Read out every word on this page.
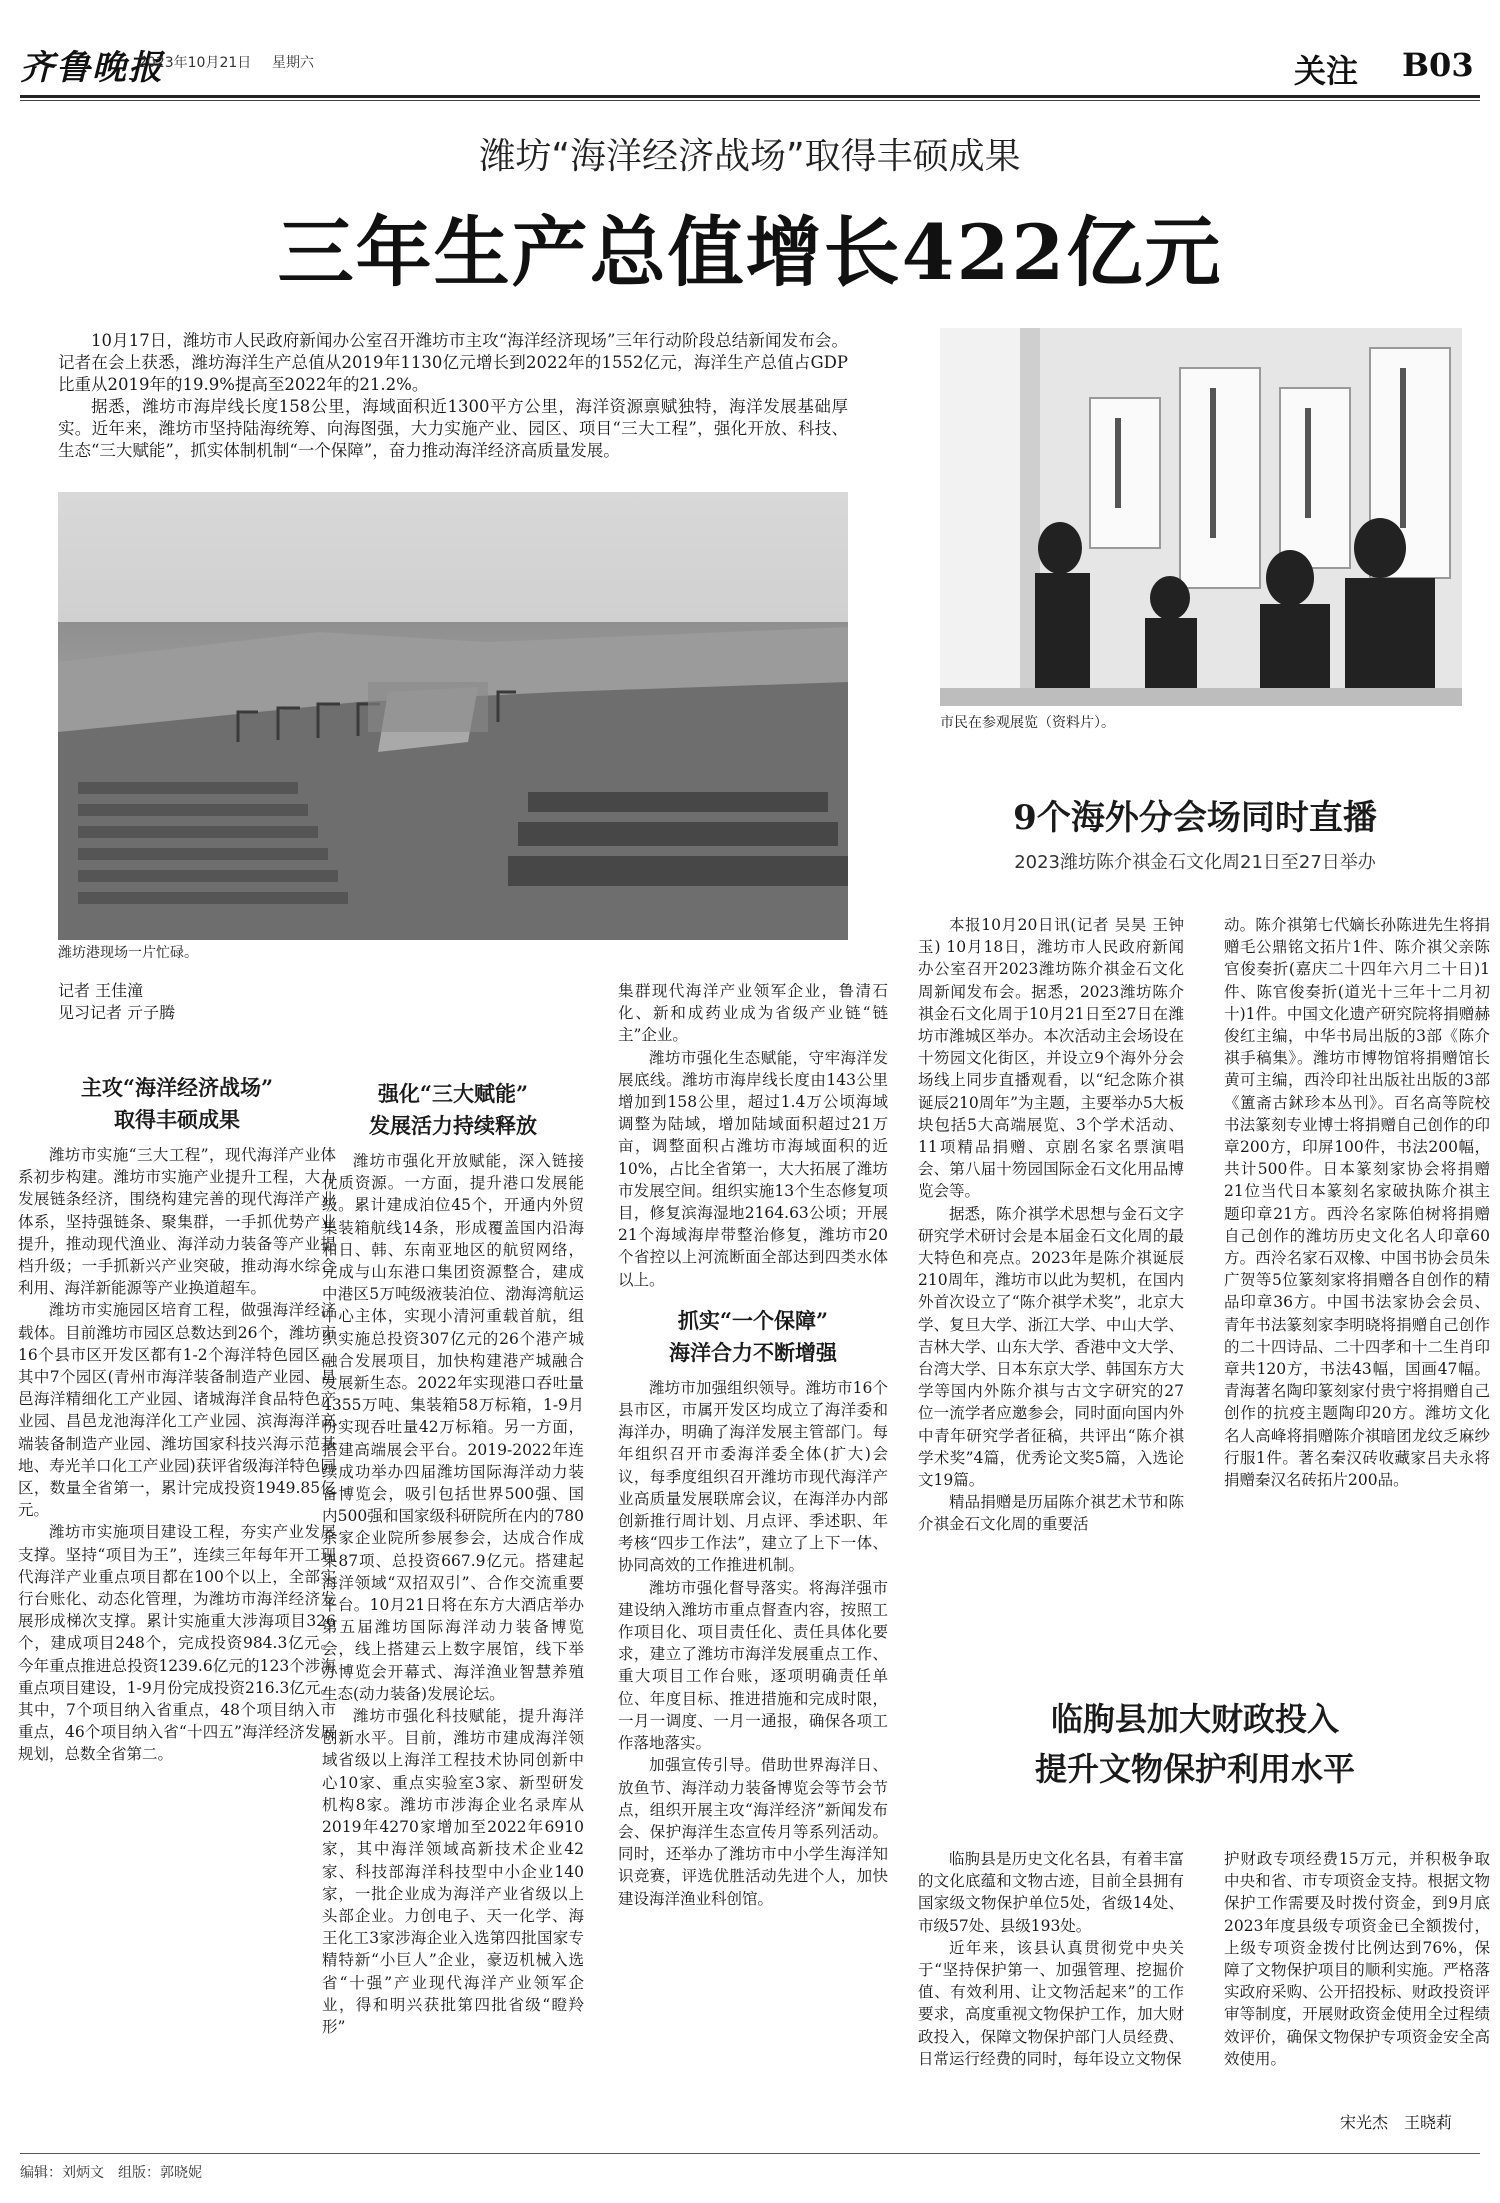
齐鲁晚报
2023年10月21日 星期六	关注 B03
潍坊“海洋经济战场”取得丰硕成果
三年生产总值增长422亿元

10月17日，潍坊市人民政府新闻办公室召开潍坊市主攻“海洋经济现场”三年行动阶段总结新闻发布会。记者在会上获悉，潍坊海洋生产总值从2019年1130亿元增长到2022年的1552亿元，海洋生产总值占GDP比重从2019年的19.9%提高至2022年的21.2%。

据悉，潍坊市海岸线长度158公里，海域面积近1300平方公里，海洋资源禀赋独特，海洋发展基础厚实。近年来，潍坊市坚持陆海统筹、向海图强，大力实施产业、园区、项目“三大工程”，强化开放、科技、生态“三大赋能”，抓实体制机制“一个保障”，奋力推动海洋经济高质量发展。

潍坊港现场一片忙碌。
市民在参观展览（资料片）。
记者 王佳潼
见习记者 亓子腾
主攻“海洋经济战场”
取得丰硕成果

潍坊市实施“三大工程”，现代海洋产业体系初步构建。潍坊市实施产业提升工程，大力发展链条经济，围绕构建完善的现代海洋产业体系，坚持强链条、聚集群，一手抓优势产业提升，推动现代渔业、海洋动力装备等产业提档升级；一手抓新兴产业突破，推动海水综合利用、海洋新能源等产业换道超车。

潍坊市实施园区培育工程，做强海洋经济载体。目前潍坊市园区总数达到26个，潍坊市16个县市区开发区都有1-2个海洋特色园区，其中7个园区(青州市海洋装备制造产业园、昌邑海洋精细化工产业园、诸城海洋食品特色产业园、昌邑龙池海洋化工产业园、滨海海洋高端装备制造产业园、潍坊国家科技兴海示范基地、寿光羊口化工产业园)获评省级海洋特色园区，数量全省第一，累计完成投资1949.85亿元。

潍坊市实施项目建设工程，夯实产业发展支撑。坚持“项目为王”，连续三年每年开工现代海洋产业重点项目都在100个以上，全部实行台账化、动态化管理，为潍坊市海洋经济发展形成梯次支撑。累计实施重大涉海项目326个，建成项目248个，完成投资984.3亿元。今年重点推进总投资1239.6亿元的123个涉海重点项目建设，1-9月份完成投资216.3亿元。其中，7个项目纳入省重点，48个项目纳入市重点，46个项目纳入省“十四五”海洋经济发展规划，总数全省第二。

强化“三大赋能”
发展活力持续释放

潍坊市强化开放赋能，深入链接优质资源。一方面，提升港口发展能级。累计建成泊位45个，开通内外贸集装箱航线14条，形成覆盖国内沿海和日、韩、东南亚地区的航贸网络，完成与山东港口集团资源整合，建成中港区5万吨级液装泊位、渤海湾航运中心主体，实现小清河重载首航，组织实施总投资307亿元的26个港产城融合发展项目，加快构建港产城融合发展新生态。2022年实现港口吞吐量4355万吨、集装箱58万标箱，1-9月份实现吞吐量42万标箱。另一方面，搭建高端展会平台。2019-2022年连续成功举办四届潍坊国际海洋动力装备博览会，吸引包括世界500强、国内500强和国家级科研院所在内的780余家企业院所参展参会，达成合作成果87项、总投资667.9亿元。搭建起海洋领域“双招双引”、合作交流重要平台。10月21日将在东方大酒店举办第五届潍坊国际海洋动力装备博览会，线上搭建云上数字展馆，线下举办博览会开幕式、海洋渔业智慧养殖生态(动力装备)发展论坛。

潍坊市强化科技赋能，提升海洋创新水平。目前，潍坊市建成海洋领域省级以上海洋工程技术协同创新中心10家、重点实验室3家、新型研发机构8家。潍坊市涉海企业名录库从2019年4270家增加至2022年6910家，其中海洋领域高新技术企业42家、科技部海洋科技型中小企业140家，一批企业成为海洋产业省级以上头部企业。力创电子、天一化学、海王化工3家涉海企业入选第四批国家专精特新“小巨人”企业，豪迈机械入选省“十强”产业现代海洋产业领军企业，得和明兴获批第四批省级“瞪羚形”

集群现代海洋产业领军企业，鲁清石化、新和成药业成为省级产业链“链主”企业。

潍坊市强化生态赋能，守牢海洋发展底线。潍坊市海岸线长度由143公里增加到158公里，超过1.4万公顷海域调整为陆域，增加陆域面积超过21万亩，调整面积占潍坊市海域面积的近10%，占比全省第一，大大拓展了潍坊市发展空间。组织实施13个生态修复项目，修复滨海湿地2164.63公顷；开展21个海域海岸带整治修复，潍坊市20个省控以上河流断面全部达到四类水体以上。

抓实“一个保障”
海洋合力不断增强

潍坊市加强组织领导。潍坊市16个县市区，市属开发区均成立了海洋委和海洋办，明确了海洋发展主管部门。每年组织召开市委海洋委全体(扩大)会议，每季度组织召开潍坊市现代海洋产业高质量发展联席会议，在海洋办内部创新推行周计划、月点评、季述职、年考核“四步工作法”，建立了上下一体、协同高效的工作推进机制。

潍坊市强化督导落实。将海洋强市建设纳入潍坊市重点督查内容，按照工作项目化、项目责任化、责任具体化要求，建立了潍坊市海洋发展重点工作、重大项目工作台账，逐项明确责任单位、年度目标、推进措施和完成时限，一月一调度、一月一通报，确保各项工作落地落实。

加强宣传引导。借助世界海洋日、放鱼节、海洋动力装备博览会等节会节点，组织开展主攻“海洋经济”新闻发布会、保护海洋生态宣传月等系列活动。同时，还举办了潍坊市中小学生海洋知识竞赛，评选优胜活动先进个人，加快建设海洋渔业科创馆。

9个海外分会场同时直播
2023潍坊陈介祺金石文化周21日至27日举办

本报10月20日讯(记者 吴昊 王钟玉) 10月18日，潍坊市人民政府新闻办公室召开2023潍坊陈介祺金石文化周新闻发布会。据悉，2023潍坊陈介祺金石文化周于10月21日至27日在潍坊市潍城区举办。本次活动主会场设在十笏园文化街区，并设立9个海外分会场线上同步直播观看，以“纪念陈介祺诞辰210周年”为主题，主要举办5大板块包括5大高端展览、3个学术活动、11项精品捐赠、京剧名家名票演唱会、第八届十笏园国际金石文化用品博览会等。

据悉，陈介祺学术思想与金石文字研究学术研讨会是本届金石文化周的最大特色和亮点。2023年是陈介祺诞辰210周年，潍坊市以此为契机，在国内外首次设立了“陈介祺学术奖”，北京大学、复旦大学、浙江大学、中山大学、吉林大学、山东大学、香港中文大学、台湾大学、日本东京大学、韩国东方大学等国内外陈介祺与古文字研究的27位一流学者应邀参会，同时面向国内外中青年研究学者征稿，共评出“陈介祺学术奖”4篇，优秀论文奖5篇，入选论文19篇。

精品捐赠是历届陈介祺艺术节和陈介祺金石文化周的重要活

动。陈介祺第七代嫡长孙陈进先生将捐赠毛公鼎铭文拓片1件、陈介祺父亲陈官俊奏折(嘉庆二十四年六月二十日)1件、陈官俊奏折(道光十三年十二月初十)1件。中国文化遗产研究院将捐赠赫俊红主编，中华书局出版的3部《陈介祺手稿集》。潍坊市博物馆将捐赠馆长黄可主编，西泠印社出版社出版的3部《簠斋古鉥珍本丛刊》。百名高等院校书法篆刻专业博士将捐赠自己创作的印章200方，印屏100件，书法200幅，共计500件。日本篆刻家协会将捐赠21位当代日本篆刻名家破执陈介祺主题印章21方。西泠名家陈伯树将捐赠自己创作的潍坊历史文化名人印章60方。西泠名家石双橡、中国书协会员朱广贺等5位篆刻家将捐赠各自创作的精品印章36方。中国书法家协会会员、青年书法篆刻家李明晓将捐赠自己创作的二十四诗品、二十四孝和十二生肖印章共120方，书法43幅，国画47幅。青海著名陶印篆刻家付贵宁将捐赠自己创作的抗疫主题陶印20方。潍坊文化名人高峰将捐赠陈介祺暗团龙纹乏麻纱行服1件。著名秦汉砖收藏家吕夫永将捐赠秦汉名砖拓片200品。

临朐县加大财政投入
提升文物保护利用水平

临朐县是历史文化名县，有着丰富的文化底蕴和文物古迹，目前全县拥有国家级文物保护单位5处，省级14处、市级57处、县级193处。

近年来，该县认真贯彻党中央关于“坚持保护第一、加强管理、挖掘价值、有效利用、让文物活起来”的工作要求，高度重视文物保护工作，加大财政投入，保障文物保护部门人员经费、日常运行经费的同时，每年设立文物保

护财政专项经费15万元，并积极争取中央和省、市专项资金支持。根据文物保护工作需要及时拨付资金，到9月底2023年度县级专项资金已全额拨付，上级专项资金拨付比例达到76%，保障了文物保护项目的顺利实施。严格落实政府采购、公开招投标、财政投资评审等制度，开展财政资金使用全过程绩效评价，确保文物保护专项资金安全高效使用。

宋光杰　王晓莉
编辑：刘炳文　组版：郭晓妮
